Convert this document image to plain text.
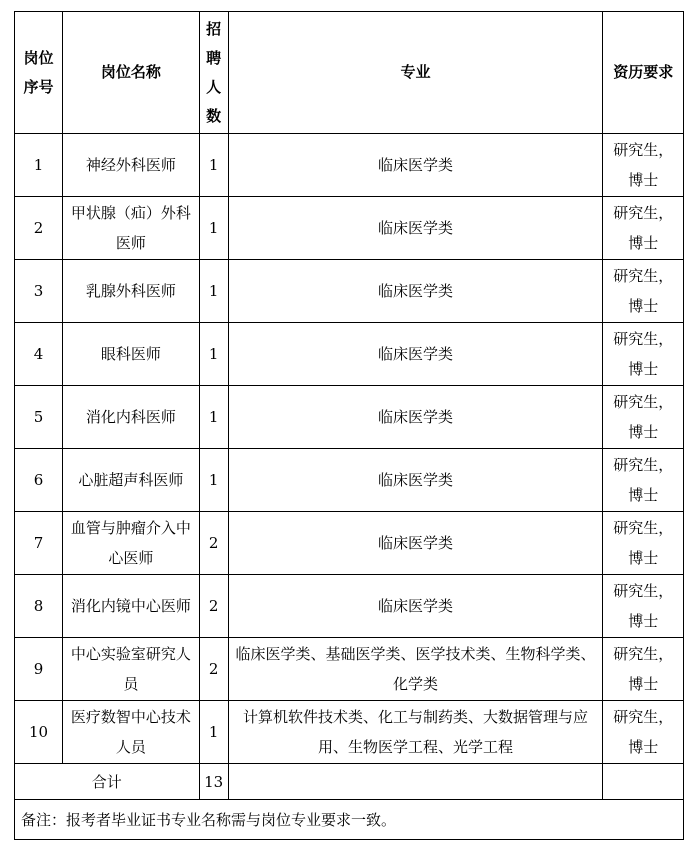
岗位序号	岗位名称	招聘人数	专业	资历要求
1	神经外科医师	1	临床医学类	研究生，博士
2	甲状腺（疝）外科医师	1	临床医学类	研究生，博士
3	乳腺外科医师	1	临床医学类	研究生，博士
4	眼科医师	1	临床医学类	研究生，博士
5	消化内科医师	1	临床医学类	研究生，博士
6	心脏超声科医师	1	临床医学类	研究生，博士
7	血管与肿瘤介入中心医师	2	临床医学类	研究生，博士
8	消化内镜中心医师	2	临床医学类	研究生，博士
9	中心实验室研究人员	2	临床医学类、基础医学类、医学技术类、生物科学类、化学类	研究生，博士
10	医疗数智中心技术人员	1	计算机软件技术类、化工与制药类、大数据管理与应用、生物医学工程、光学工程	研究生，博士
合计		13		
备注：报考者毕业证书专业名称需与岗位专业要求一致。				
